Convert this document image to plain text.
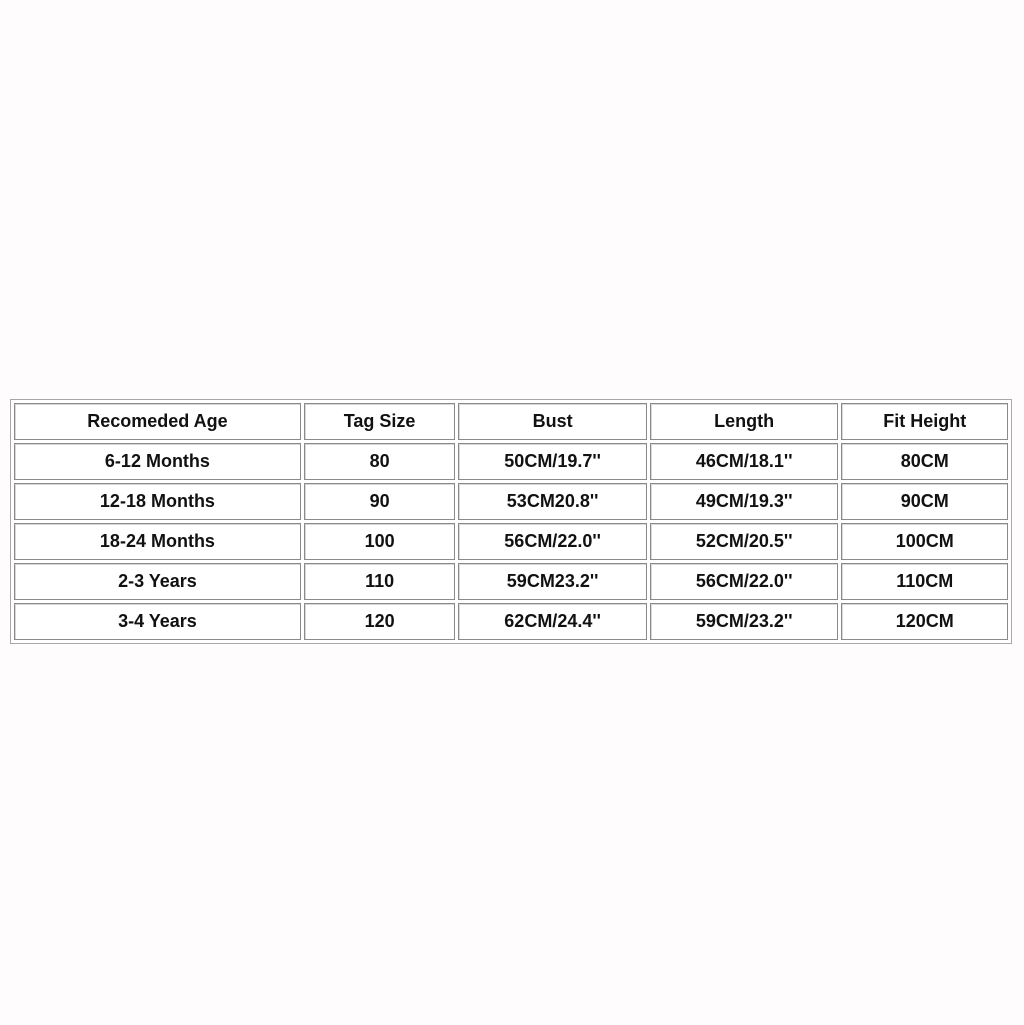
Recomeded Age	Tag Size	Bust	Length	Fit Height
6-12 Months	80	50CM/19.7''	46CM/18.1''	80CM
12-18 Months	90	53CM20.8''	49CM/19.3''	90CM
18-24 Months	100	56CM/22.0''	52CM/20.5''	100CM
2-3 Years	110	59CM23.2''	56CM/22.0''	110CM
3-4 Years	120	62CM/24.4''	59CM/23.2''	120CM
